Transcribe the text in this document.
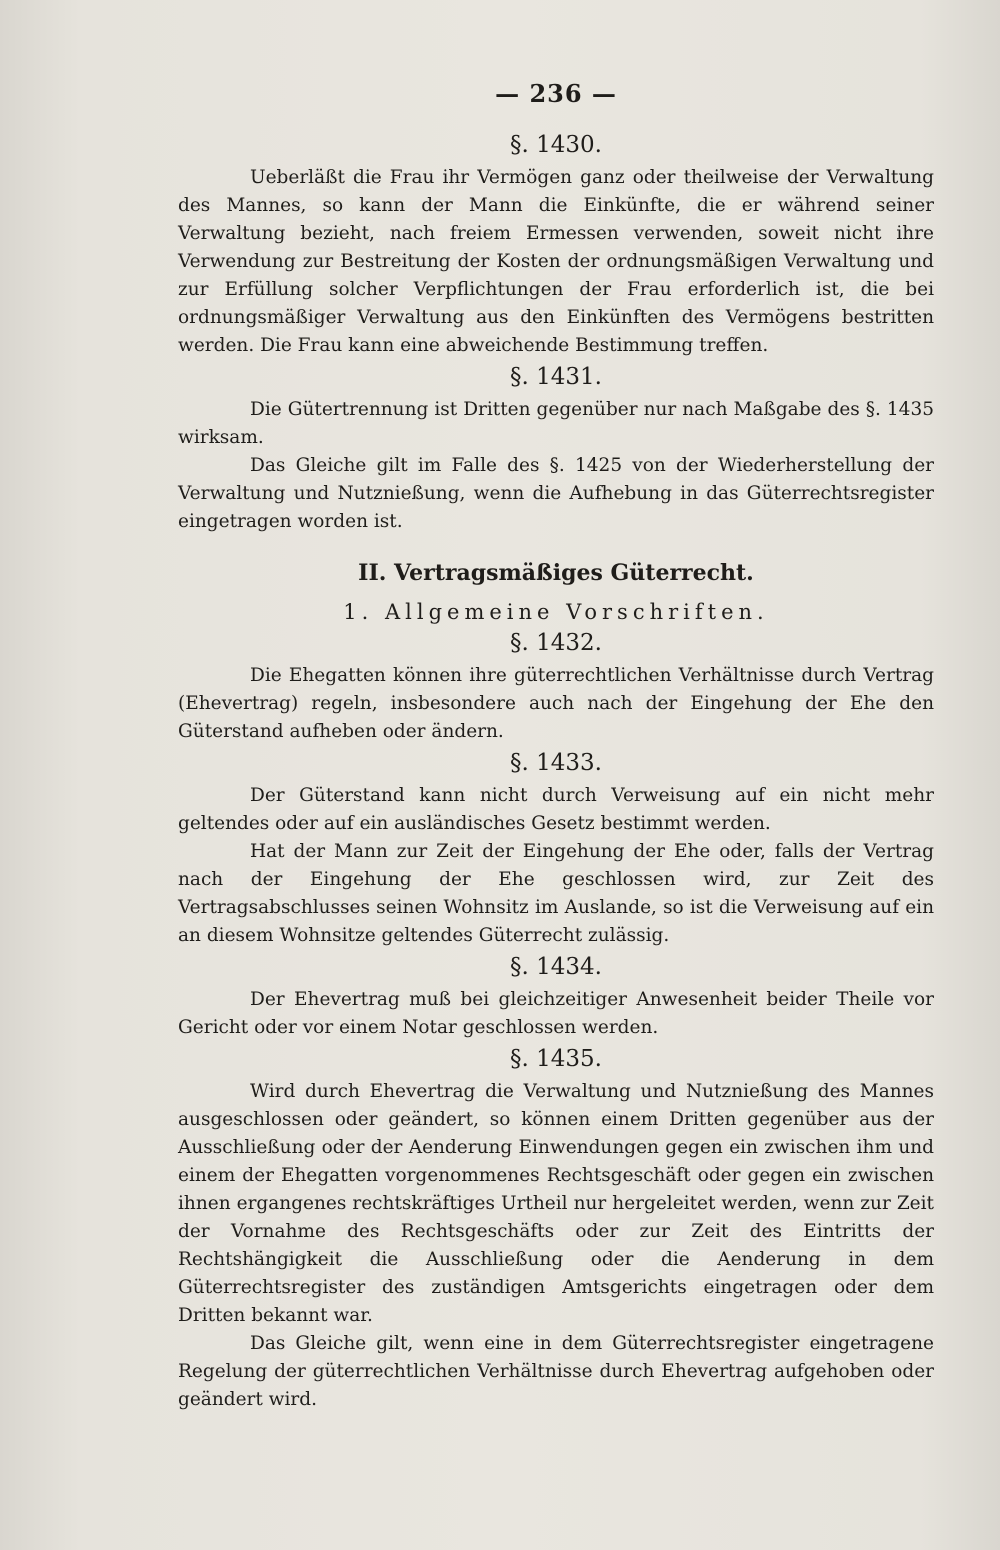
— 236 —
§. 1430.

Ueberläßt die Frau ihr Vermögen ganz oder theilweise der Verwaltung des Mannes, so kann der Mann die Einkünfte, die er während seiner Verwaltung bezieht, nach freiem Ermessen verwenden, soweit nicht ihre Verwendung zur Bestreitung der Kosten der ordnungsmäßigen Verwaltung und zur Erfüllung solcher Verpflichtungen der Frau erforderlich ist, die bei ordnungsmäßiger Verwaltung aus den Einkünften des Vermögens bestritten werden. Die Frau kann eine abweichende Bestimmung treffen.

§. 1431.

Die Gütertrennung ist Dritten gegenüber nur nach Maßgabe des §. 1435 wirksam.

Das Gleiche gilt im Falle des §. 1425 von der Wiederherstellung der Verwaltung und Nutznießung, wenn die Aufhebung in das Güterrechtsregister eingetragen worden ist.

II. Vertragsmäßiges Güterrecht.
1. Allgemeine Vorschriften.
§. 1432.

Die Ehegatten können ihre güterrechtlichen Verhältnisse durch Vertrag (Ehevertrag) regeln, insbesondere auch nach der Eingehung der Ehe den Güterstand aufheben oder ändern.

§. 1433.

Der Güterstand kann nicht durch Verweisung auf ein nicht mehr geltendes oder auf ein ausländisches Gesetz bestimmt werden.

Hat der Mann zur Zeit der Eingehung der Ehe oder, falls der Vertrag nach der Eingehung der Ehe geschlossen wird, zur Zeit des Vertragsabschlusses seinen Wohnsitz im Auslande, so ist die Verweisung auf ein an diesem Wohnsitze geltendes Güterrecht zulässig.

§. 1434.

Der Ehevertrag muß bei gleichzeitiger Anwesenheit beider Theile vor Gericht oder vor einem Notar geschlossen werden.

§. 1435.

Wird durch Ehevertrag die Verwaltung und Nutznießung des Mannes ausgeschlossen oder geändert, so können einem Dritten gegenüber aus der Ausschließung oder der Aenderung Einwendungen gegen ein zwischen ihm und einem der Ehegatten vorgenommenes Rechtsgeschäft oder gegen ein zwischen ihnen ergangenes rechtskräftiges Urtheil nur hergeleitet werden, wenn zur Zeit der Vornahme des Rechtsgeschäfts oder zur Zeit des Eintritts der Rechtshängigkeit die Ausschließung oder die Aenderung in dem Güterrechtsregister des zuständigen Amtsgerichts eingetragen oder dem Dritten bekannt war.

Das Gleiche gilt, wenn eine in dem Güterrechtsregister eingetragene Regelung der güterrechtlichen Verhältnisse durch Ehevertrag aufgehoben oder geändert wird.
